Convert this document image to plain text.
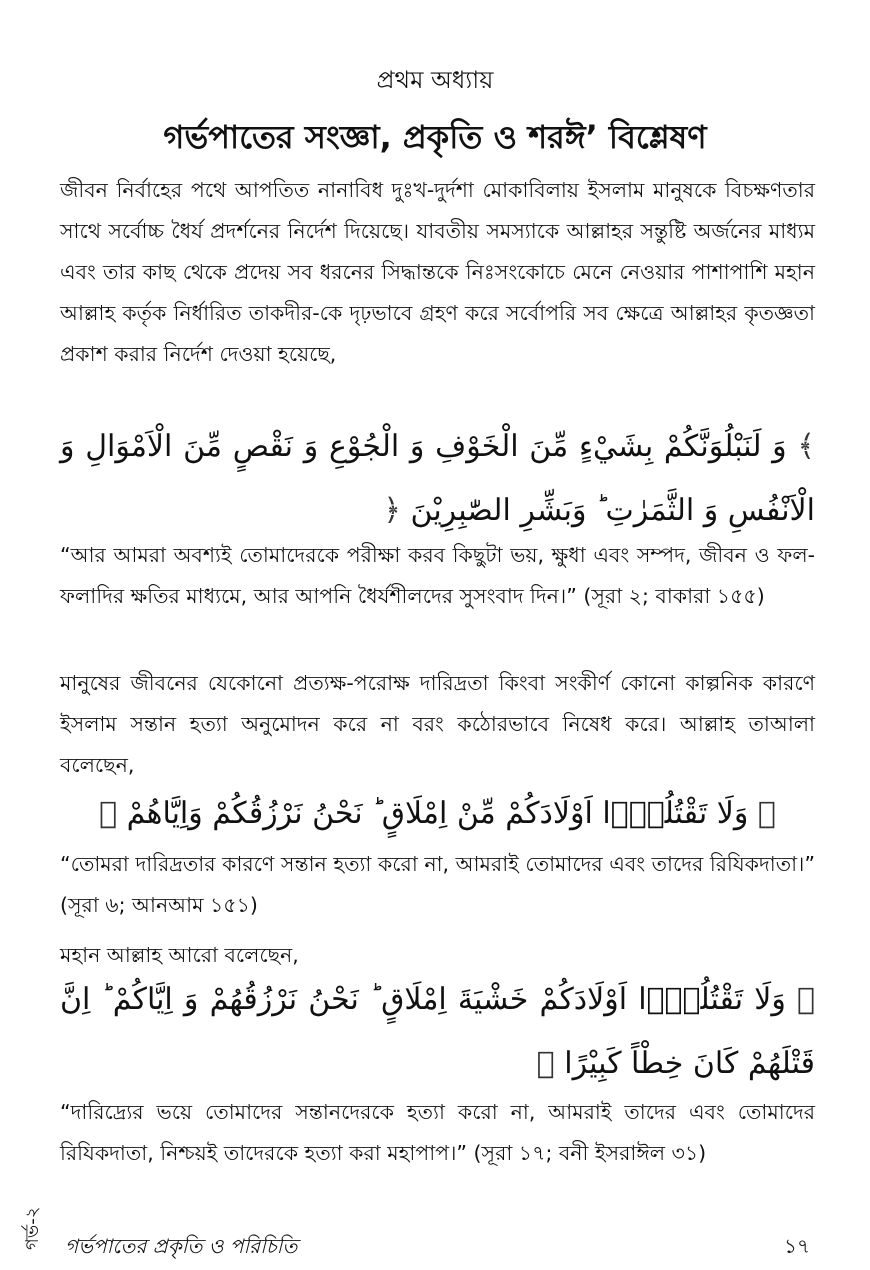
প্রথম অধ্যায়
গর্ভপাতের সংজ্ঞা, প্রকৃতি ও শরঈ’ বিশ্লেষণ

জীবন নির্বাহের পথে আপতিত নানাবিধ দুঃখ-দুর্দশা মোকাবিলায় ইসলাম মানুষকে বিচক্ষণতার সাথে সর্বোচ্চ ধৈর্য প্রদর্শনের নির্দেশ দিয়েছে। যাবতীয় সমস্যাকে আল্লাহর সন্তুষ্টি অর্জনের মাধ্যম এবং তার কাছ থেকে প্রদেয় সব ধরনের সিদ্ধান্তকে নিঃসংকোচে মেনে নেওয়ার পাশাপাশি মহান আল্লাহ কর্তৃক নির্ধারিত তাকদীর-কে দৃঢ়ভাবে গ্রহণ করে সর্বোপরি সব ক্ষেত্রে আল্লাহর কৃতজ্ঞতা প্রকাশ করার নির্দেশ দেওয়া হয়েছে,

﴾ وَ لَنَبْلُوَنَّكُمْ بِشَيْءٍ مِّنَ الْخَوْفِ وَ الْجُوْعِ وَ نَقْصٍ مِّنَ الْاَمْوَالِ وَ الْاَنْفُسِ وَ الثَّمَرٰتِ ؕ وَبَشِّرِ الصّٰبِرِيْنَ ﴿

“আর আমরা অবশ্যই তোমাদেরকে পরীক্ষা করব কিছুটা ভয়, ক্ষুধা এবং সম্পদ, জীবন ও ফল-ফলাদির ক্ষতির মাধ্যমে, আর আপনি ধৈর্যশীলদের সুসংবাদ দিন।” (সূরা ২; বাকারা ১৫৫)

মানুষের জীবনের যেকোনো প্রত্যক্ষ-পরোক্ষ দারিদ্রতা কিংবা সংকীর্ণ কোনো কাল্পনিক কারণে ইসলাম সন্তান হত্যা অনুমোদন করে না বরং কঠোরভাবে নিষেধ করে। আল্লাহ তাআলা বলেছেন,

﴾ وَلَا تَقْتُلُوْۤا اَوْلَادَكُمْ مِّنْ اِمْلَاقٍ ؕ نَحْنُ نَرْزُقُكُمْ وَاِيَّاهُمْ ﴿

“তোমরা দারিদ্রতার কারণে সন্তান হত্যা করো না, আমরাই তোমাদের এবং তাদের রিযিকদাতা।” (সূরা ৬; আনআম ১৫১)

মহান আল্লাহ আরো বলেছেন,

﴾ وَلَا تَقْتُلُوْۤا اَوْلَادَكُمْ خَشْيَةَ اِمْلَاقٍ ؕ نَحْنُ نَرْزُقُهُمْ وَ اِيَّاكُمْ ؕ اِنَّ قَتْلَهُمْ كَانَ خِطْاً كَبِيْرًا ﴿

“দারিদ্র্যের ভয়ে তোমাদের সন্তানদেরকে হত্যা করো না, আমরাই তাদের এবং তোমাদের রিযিকদাতা, নিশ্চয়ই তাদেরকে হত্যা করা মহাপাপ।” (সূরা ১৭; বনী ইসরাঈল ৩১)

গর্ভ-২	গর্ভপাতের প্রকৃতি ও পরিচিতি	১৭
